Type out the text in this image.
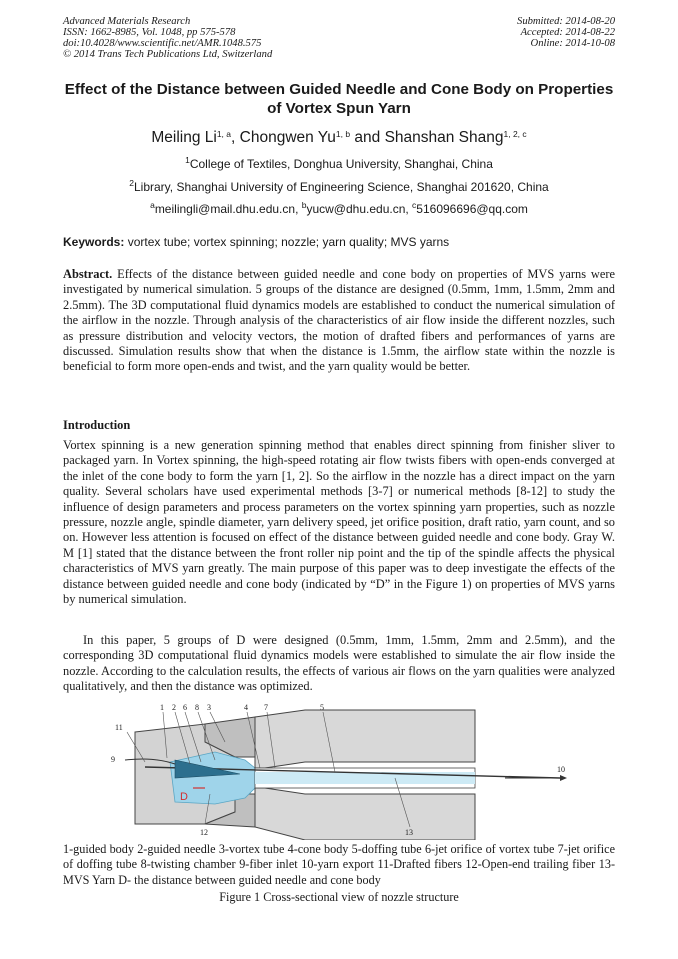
Advanced Materials Research
ISSN: 1662-8985, Vol. 1048, pp 575-578
doi:10.4028/www.scientific.net/AMR.1048.575
© 2014 Trans Tech Publications Ltd, Switzerland
Submitted: 2014-08-20
Accepted: 2014-08-22
Online: 2014-10-08
Effect of the Distance between Guided Needle and Cone Body on Properties of Vortex Spun Yarn
Meiling Li$^{1, a}$, Chongwen Yu$^{1, b}$ and Shanshan Shang$^{1, 2, c}$
$^1$College of Textiles, Donghua University, Shanghai, China
$^2$Library, Shanghai University of Engineering Science, Shanghai 201620, China
$^a$meilingli@mail.dhu.edu.cn, $^b$yucw@dhu.edu.cn, $^c$516096696@qq.com
Keywords: vortex tube; vortex spinning; nozzle; yarn quality; MVS yarns
Abstract. Effects of the distance between guided needle and cone body on properties of MVS yarns were investigated by numerical simulation. 5 groups of the distance are designed (0.5mm, 1mm, 1.5mm, 2mm and 2.5mm). The 3D computational fluid dynamics models are established to conduct the numerical simulation of the airflow in the nozzle. Through analysis of the characteristics of air flow inside the different nozzles, such as pressure distribution and velocity vectors, the motion of drafted fibers and performances of yarns are discussed. Simulation results show that when the distance is 1.5mm, the airflow state within the nozzle is beneficial to form more open-ends and twist, and the yarn quality would be better.
Introduction
Vortex spinning is a new generation spinning method that enables direct spinning from finisher sliver to packaged yarn. In Vortex spinning, the high-speed rotating air flow twists fibers with open-ends converged at the inlet of the cone body to form the yarn [1, 2]. So the airflow in the nozzle has a direct impact on the yarn quality. Several scholars have used experimental methods [3-7] or numerical methods [8-12] to study the influence of design parameters and process parameters on the vortex spinning yarn properties, such as nozzle pressure, nozzle angle, spindle diameter, yarn delivery speed, jet orifice position, draft ratio, yarn count, and so on. However less attention is focused on effect of the distance between guided needle and cone body. Gray W. M [1] stated that the distance between the front roller nip point and the tip of the spindle affects the physical characteristics of MVS yarn greatly. The main purpose of this paper was to deep investigate the effects of the distance between guided needle and cone body (indicated by “D” in the Figure 1) on properties of MVS yarns by numerical simulation.
In this paper, 5 groups of D were designed (0.5mm, 1mm, 1.5mm, 2mm and 2.5mm), and the corresponding 3D computational fluid dynamics models were established to simulate the air flow inside the nozzle. According to the calculation results, the effects of various air flows on the yarn qualities were analyzed qualitatively, and then the distance was optimized.
D
1 2 6 8 3	4 7	5
9
10
11
12	13
1-guided body 2-guided needle 3-vortex tube 4-cone body 5-doffing tube 6-jet orifice of vortex tube 7-jet orifice of doffing tube 8-twisting chamber 9-fiber inlet 10-yarn export 11-Drafted fibers 12-Open-end trailing fiber 13-MVS Yarn D- the distance between guided needle and cone body
Figure 1 Cross-sectional view of nozzle structure
